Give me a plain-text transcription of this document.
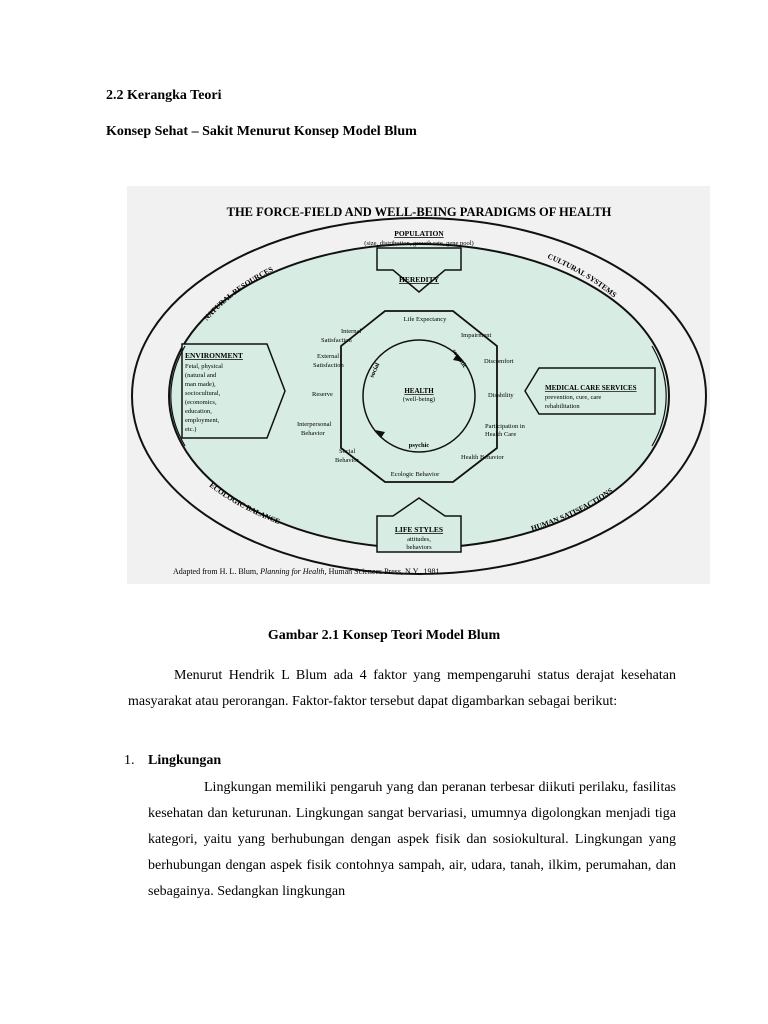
2.2 Kerangka Teori
Konsep Sehat – Sakit Menurut Konsep Model Blum
THE FORCE-FIELD AND WELL-BEING PARADIGMS OF HEALTH
NATURAL RESOURCES
CULTURAL SYSTEMS
ECOLOGIC BALANCE
HUMAN SATISFACTIONS
POPULATION
(size, distribution, growth rate, gene pool)
HEREDITY
ENVIRONMENT
Fetal, physical
(natural and
man made),
sociocultural,
(economics,
education,
employment,
etc.)
MEDICAL CARE SERVICES
prevention, cure, care
rehabilitation
LIFE STYLES
attitudes,
behaviors
HEALTH
(well-being)
somatic
psychic
social
Life Expectancy
Impairment
Discomfort
Disability
Participation in
Health Care
Health Behavior
Ecologic Behavior
Social
Behavior
Interpersonal
Behavior
Reserve
External
Satisfaction
Internal
Satisfaction
Adapted from H. L. Blum, Planning for Health, Human Sciences Press, N.Y., 1981.
Gambar 2.1 Konsep Teori Model Blum

Menurut Hendrik L Blum ada 4 faktor yang mempengaruhi status derajat kesehatan masyarakat atau perorangan. Faktor-faktor tersebut dapat digambarkan sebagai berikut:

1. Lingkungan

Lingkungan memiliki pengaruh yang dan peranan terbesar diikuti perilaku, fasilitas kesehatan dan keturunan. Lingkungan sangat bervariasi, umumnya digolongkan menjadi tiga kategori, yaitu yang berhubungan dengan aspek fisik dan sosiokultural. Lingkungan yang berhubungan dengan aspek fisik contohnya sampah, air, udara, tanah, ilkim, perumahan, dan sebagainya. Sedangkan lingkungan
